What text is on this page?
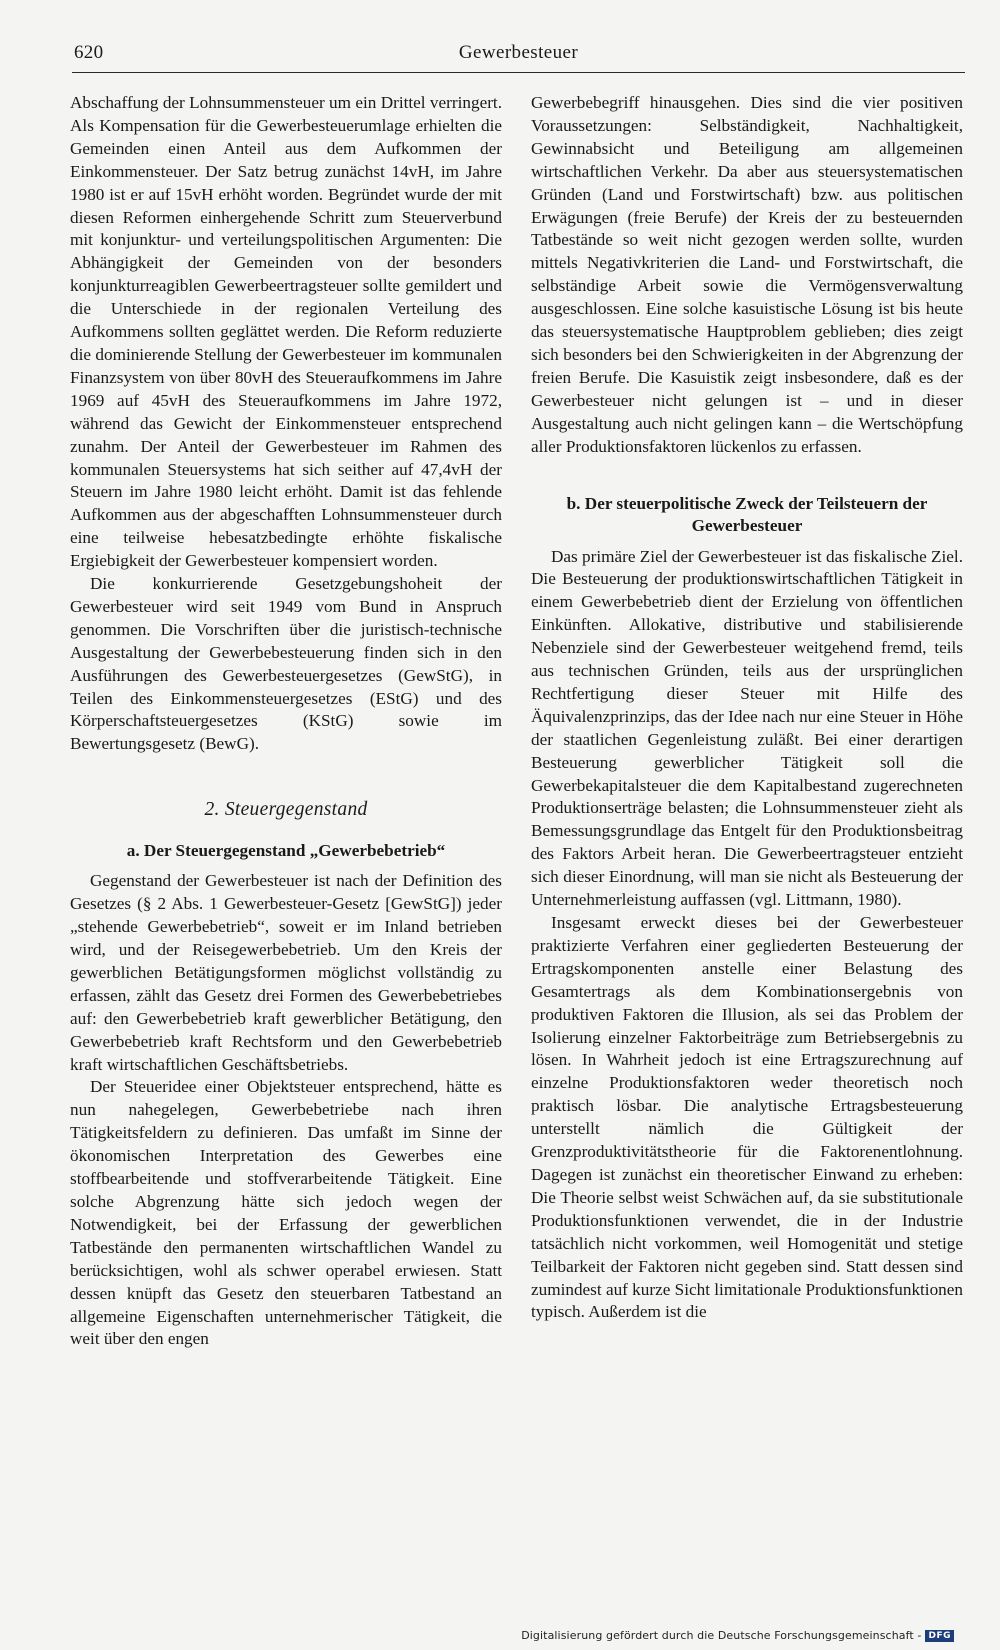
620	Gewerbesteuer

Abschaffung der Lohnsummensteuer um ein Drittel verringert. Als Kompensation für die Gewerbesteuerumlage erhielten die Gemeinden einen Anteil aus dem Aufkommen der Einkommensteuer. Der Satz betrug zunächst 14vH, im Jahre 1980 ist er auf 15vH erhöht worden. Begründet wurde der mit diesen Reformen einhergehende Schritt zum Steuerverbund mit konjunktur- und verteilungspolitischen Argumenten: Die Abhängigkeit der Gemeinden von der besonders konjunkturreagiblen Gewerbeertragsteuer sollte gemildert und die Unterschiede in der regionalen Verteilung des Aufkommens sollten geglättet werden. Die Reform reduzierte die dominierende Stellung der Gewerbesteuer im kommunalen Finanzsystem von über 80vH des Steueraufkommens im Jahre 1969 auf 45vH des Steueraufkommens im Jahre 1972, während das Gewicht der Einkommensteuer entsprechend zunahm. Der Anteil der Gewerbesteuer im Rahmen des kommunalen Steuersystems hat sich seither auf 47,4vH der Steuern im Jahre 1980 leicht erhöht. Damit ist das fehlende Aufkommen aus der abgeschafften Lohnsummensteuer durch eine teilweise hebesatzbedingte erhöhte fiskalische Ergiebigkeit der Gewerbesteuer kompensiert worden.

Die konkurrierende Gesetzgebungshoheit der Gewerbesteuer wird seit 1949 vom Bund in Anspruch genommen. Die Vorschriften über die juristisch-technische Ausgestaltung der Gewerbebesteuerung finden sich in den Ausführungen des Gewerbesteuergesetzes (GewStG), in Teilen des Einkommensteuergesetzes (EStG) und des Körperschaftsteuergesetzes (KStG) sowie im Bewertungsgesetz (BewG).

2. Steuergegenstand
a. Der Steuergegenstand „Gewerbebetrieb“

Gegenstand der Gewerbesteuer ist nach der Definition des Gesetzes (§ 2 Abs. 1 Gewerbesteuer-Gesetz [GewStG]) jeder „stehende Gewerbebetrieb“, soweit er im Inland betrieben wird, und der Reisegewerbebetrieb. Um den Kreis der gewerblichen Betätigungsformen möglichst vollständig zu erfassen, zählt das Gesetz drei Formen des Gewerbebetriebes auf: den Gewerbebetrieb kraft gewerblicher Betätigung, den Gewerbebetrieb kraft Rechtsform und den Gewerbebetrieb kraft wirtschaftlichen Geschäftsbetriebs.

Der Steueridee einer Objektsteuer entsprechend, hätte es nun nahegelegen, Gewerbebetriebe nach ihren Tätigkeitsfeldern zu definieren. Das umfaßt im Sinne der ökonomischen Interpretation des Gewerbes eine stoffbearbeitende und stoffverarbeitende Tätigkeit. Eine solche Abgrenzung hätte sich jedoch wegen der Notwendigkeit, bei der Erfassung der gewerblichen Tatbestände den permanenten wirtschaftlichen Wandel zu berücksichtigen, wohl als schwer operabel erwiesen. Statt dessen knüpft das Gesetz den steuerbaren Tatbestand an allgemeine Eigenschaften unternehmerischer Tätigkeit, die weit über den engen

Gewerbebegriff hinausgehen. Dies sind die vier positiven Voraussetzungen: Selbständigkeit, Nachhaltigkeit, Gewinnabsicht und Beteiligung am allgemeinen wirtschaftlichen Verkehr. Da aber aus steuersystematischen Gründen (Land und Forstwirtschaft) bzw. aus politischen Erwägungen (freie Berufe) der Kreis der zu besteuernden Tatbestände so weit nicht gezogen werden sollte, wurden mittels Negativkriterien die Land- und Forstwirtschaft, die selbständige Arbeit sowie die Vermögensverwaltung ausgeschlossen. Eine solche kasuistische Lösung ist bis heute das steuersystematische Hauptproblem geblieben; dies zeigt sich besonders bei den Schwierigkeiten in der Abgrenzung der freien Berufe. Die Kasuistik zeigt insbesondere, daß es der Gewerbesteuer nicht gelungen ist – und in dieser Ausgestaltung auch nicht gelingen kann – die Wertschöpfung aller Produktionsfaktoren lückenlos zu erfassen.

b. Der steuerpolitische Zweck der Teilsteuern der Gewerbesteuer

Das primäre Ziel der Gewerbesteuer ist das fiskalische Ziel. Die Besteuerung der produktionswirtschaftlichen Tätigkeit in einem Gewerbebetrieb dient der Erzielung von öffentlichen Einkünften. Allokative, distributive und stabilisierende Nebenziele sind der Gewerbesteuer weitgehend fremd, teils aus technischen Gründen, teils aus der ursprünglichen Rechtfertigung dieser Steuer mit Hilfe des Äquivalenzprinzips, das der Idee nach nur eine Steuer in Höhe der staatlichen Gegenleistung zuläßt. Bei einer derartigen Besteuerung gewerblicher Tätigkeit soll die Gewerbekapitalsteuer die dem Kapitalbestand zugerechneten Produktionserträge belasten; die Lohnsummensteuer zieht als Bemessungsgrundlage das Entgelt für den Produktionsbeitrag des Faktors Arbeit heran. Die Gewerbeertragsteuer entzieht sich dieser Einordnung, will man sie nicht als Besteuerung der Unternehmerleistung auffassen (vgl. Littmann, 1980).

Insgesamt erweckt dieses bei der Gewerbesteuer praktizierte Verfahren einer gegliederten Besteuerung der Ertragskomponenten anstelle einer Belastung des Gesamtertrags als dem Kombinationsergebnis von produktiven Faktoren die Illusion, als sei das Problem der Isolierung einzelner Faktorbeiträge zum Betriebsergebnis zu lösen. In Wahrheit jedoch ist eine Ertragszurechnung auf einzelne Produktionsfaktoren weder theoretisch noch praktisch lösbar. Die analytische Ertragsbesteuerung unterstellt nämlich die Gültigkeit der Grenzproduktivitätstheorie für die Faktorenentlohnung. Dagegen ist zunächst ein theoretischer Einwand zu erheben: Die Theorie selbst weist Schwächen auf, da sie substitutionale Produktionsfunktionen verwendet, die in der Industrie tatsächlich nicht vorkommen, weil Homogenität und stetige Teilbarkeit der Faktoren nicht gegeben sind. Statt dessen sind zumindest auf kurze Sicht limitationale Produktionsfunktionen typisch. Außerdem ist die

Digitalisierung gefördert durch die Deutsche Forschungsgemeinschaft - DFG
